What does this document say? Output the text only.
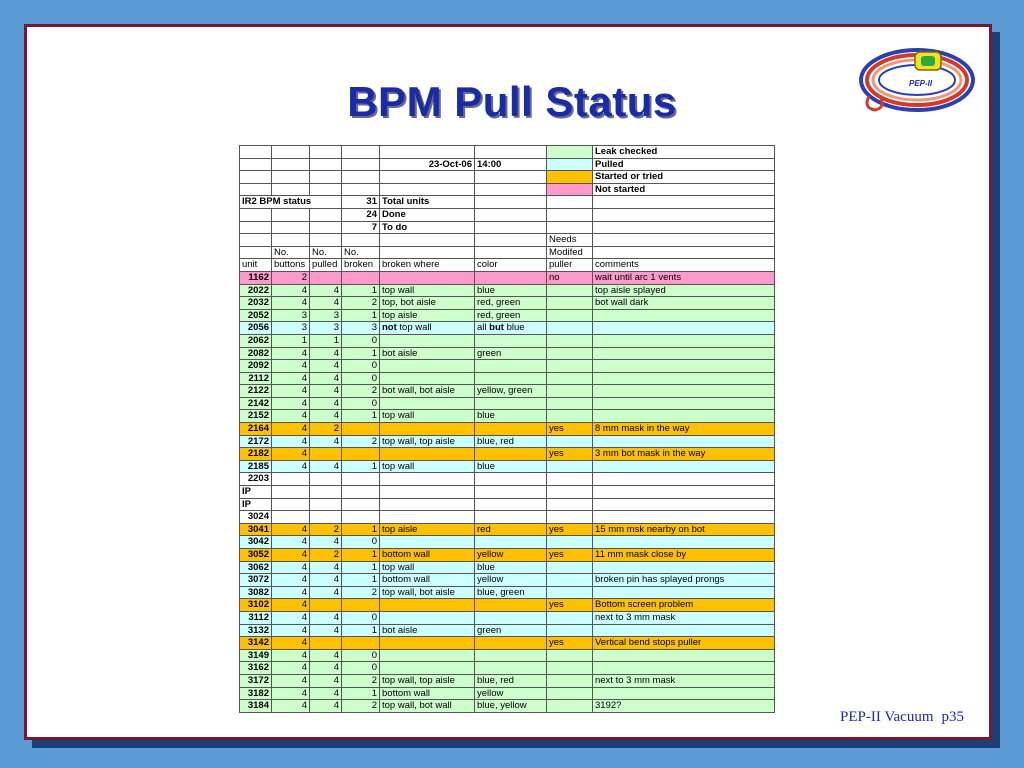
BPM Pull Status	PEP-II
							Leak checked
				23-Oct-06	14:00		Pulled
							Started or tried
							Not started
IR2 BPM status			31	Total units			
			24	Done			
			7	To do			
						Needs	
	No.	No.	No.			Modifed	
unit	buttons	pulled	broken	broken where	color	puller	comments
1162	2					no	wait until arc 1 vents
2022	4	4	1	top wall	blue		top aisle splayed
2032	4	4	2	top, bot aisle	red, green		bot wall dark
2052	3	3	1	top aisle	red, green		
2056	3	3	3	not top wall	all but blue		
2062	1	1	0				
2082	4	4	1	bot aisle	green		
2092	4	4	0				
2112	4	4	0				
2122	4	4	2	bot wall, bot aisle	yellow, green		
2142	4	4	0				
2152	4	4	1	top wall	blue		
2164	4	2				yes	8 mm mask in the way
2172	4	4	2	top wall, top aisle	blue, red		
2182	4					yes	3 mm bot mask in the way
2185	4	4	1	top wall	blue		
2203							
IP							
IP							
3024							
3041	4	2	1	top aisle	red	yes	15 mm msk nearby on bot
3042	4	4	0				
3052	4	2	1	bottom wall	yellow	yes	11 mm mask close by
3062	4	4	1	top wall	blue		
3072	4	4	1	bottom wall	yellow		broken pin has splayed prongs
3082	4	4	2	top wall, bot aisle	blue, green		
3102	4					yes	Bottom screen problem
3112	4	4	0				next to 3 mm mask
3132	4	4	1	bot aisle	green		
3142	4					yes	Vertical bend stops puller
3149	4	4	0				
3162	4	4	0				
3172	4	4	2	top wall, top aisle	blue, red		next to 3 mm mask
3182	4	4	1	bottom wall	yellow		
3184	4	4	2	top wall, bot wall	blue, yellow		3192?
PEP-II Vacuum p35
